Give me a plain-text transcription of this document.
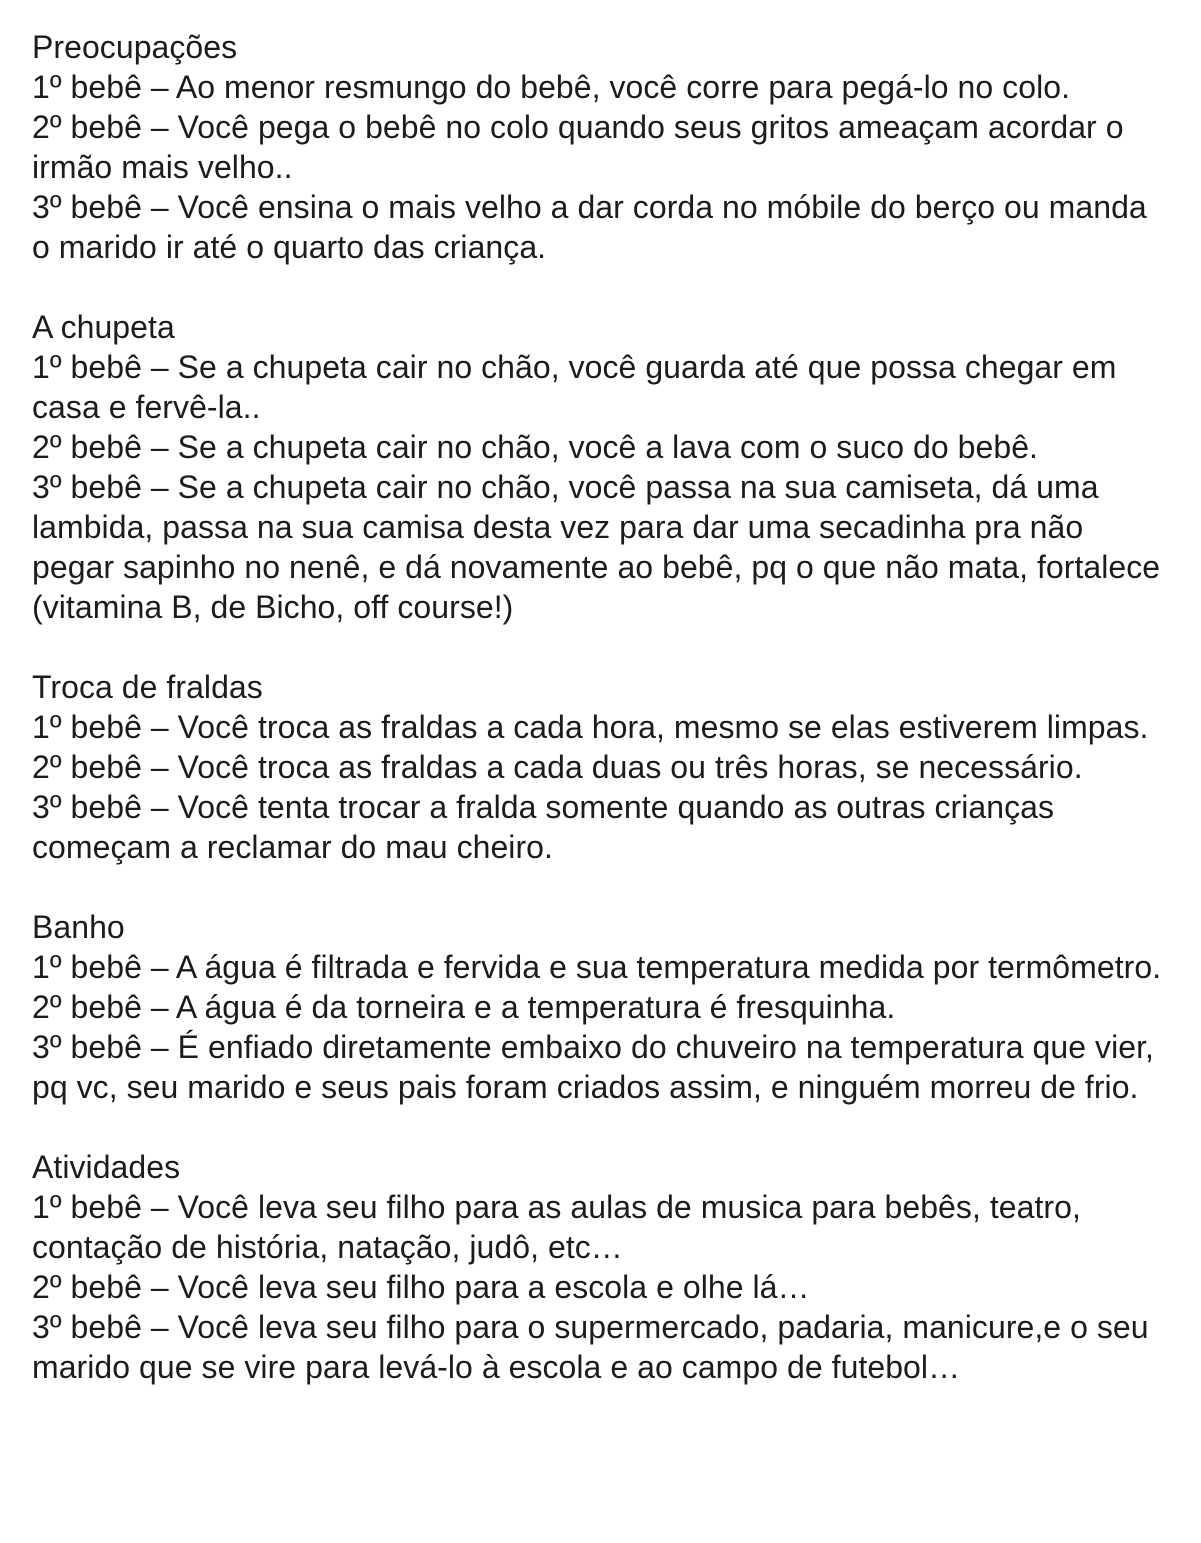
Preocupações

1º bebê – Ao menor resmungo do bebê, você corre para pegá-lo no colo.

2º bebê – Você pega o bebê no colo quando seus gritos ameaçam acordar o irmão mais velho..

3º bebê – Você ensina o mais velho a dar corda no móbile do berço ou manda o marido ir até o quarto das criança.

A chupeta

1º bebê – Se a chupeta cair no chão, você guarda até que possa chegar em casa e fervê-la..

2º bebê – Se a chupeta cair no chão, você a lava com o suco do bebê.

3º bebê – Se a chupeta cair no chão, você passa na sua camiseta, dá uma lambida, passa na sua camisa desta vez para dar uma secadinha pra não pegar sapinho no nenê, e dá novamente ao bebê, pq o que não mata, fortalece (vitamina B, de Bicho, off course!)

Troca de fraldas

1º bebê – Você troca as fraldas a cada hora, mesmo se elas estiverem limpas.

2º bebê – Você troca as fraldas a cada duas ou três horas, se necessário.

3º bebê – Você tenta trocar a fralda somente quando as outras crianças começam a reclamar do mau cheiro.

Banho

1º bebê – A água é filtrada e fervida e sua temperatura medida por termômetro.

2º bebê – A água é da torneira e a temperatura é fresquinha.

3º bebê – É enfiado diretamente embaixo do chuveiro na temperatura que vier, pq vc, seu marido e seus pais foram criados assim, e ninguém morreu de frio.

Atividades

1º bebê – Você leva seu filho para as aulas de musica para bebês, teatro, contação de história, natação, judô, etc…

2º bebê – Você leva seu filho para a escola e olhe lá…

3º bebê – Você leva seu filho para o supermercado, padaria, manicure,e o seu marido que se vire para levá-lo à escola e ao campo de futebol…
